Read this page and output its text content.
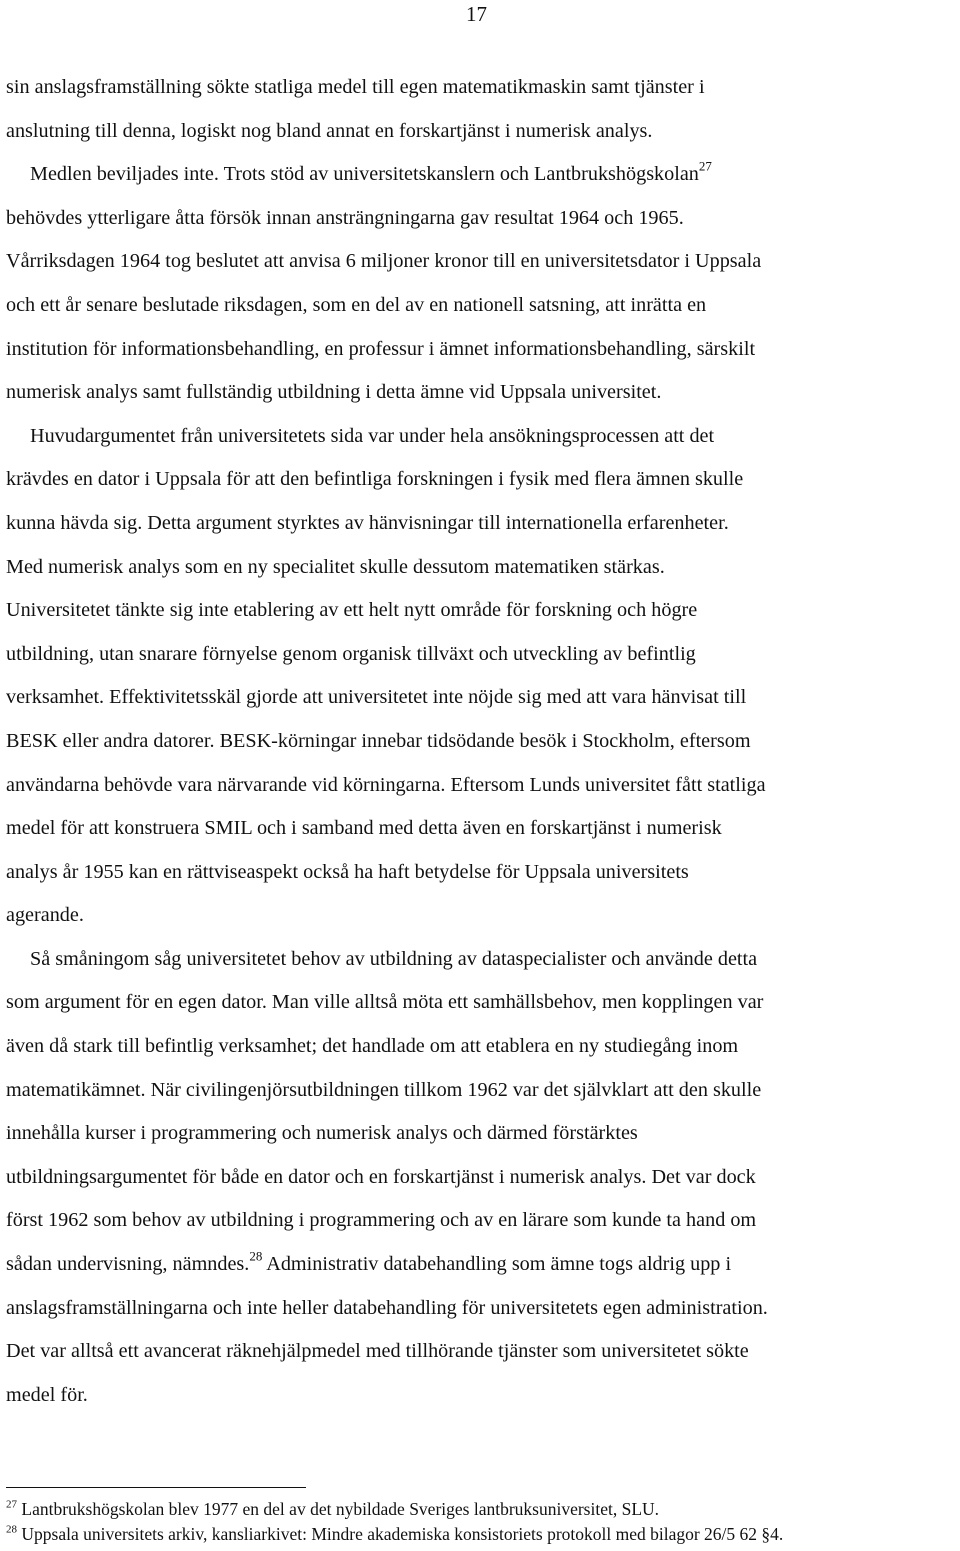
17

sin anslagsframställning sökte statliga medel till egen matematikmaskin samt tjänster i

anslutning till denna, logiskt nog bland annat en forskartjänst i numerisk analys.

Medlen beviljades inte. Trots stöd av universitetskanslern och Lantbrukshögskolan$^{27}$

behövdes ytterligare åtta försök innan ansträngningarna gav resultat 1964 och 1965.

Vårriksdagen 1964 tog beslutet att anvisa 6 miljoner kronor till en universitetsdator i Uppsala

och ett år senare beslutade riksdagen, som en del av en nationell satsning, att inrätta en

institution för informationsbehandling, en professur i ämnet informationsbehandling, särskilt

numerisk analys samt fullständig utbildning i detta ämne vid Uppsala universitet.

Huvudargumentet från universitetets sida var under hela ansökningsprocessen att det

krävdes en dator i Uppsala för att den befintliga forskningen i fysik med flera ämnen skulle

kunna hävda sig. Detta argument styrktes av hänvisningar till internationella erfarenheter.

Med numerisk analys som en ny specialitet skulle dessutom matematiken stärkas.

Universitetet tänkte sig inte etablering av ett helt nytt område för forskning och högre

utbildning, utan snarare förnyelse genom organisk tillväxt och utveckling av befintlig

verksamhet. Effektivitetsskäl gjorde att universitetet inte nöjde sig med att vara hänvisat till

BESK eller andra datorer. BESK-körningar innebar tidsödande besök i Stockholm, eftersom

användarna behövde vara närvarande vid körningarna. Eftersom Lunds universitet fått statliga

medel för att konstruera SMIL och i samband med detta även en forskartjänst i numerisk

analys år 1955 kan en rättviseaspekt också ha haft betydelse för Uppsala universitets

agerande.

Så småningom såg universitetet behov av utbildning av dataspecialister och använde detta

som argument för en egen dator. Man ville alltså möta ett samhällsbehov, men kopplingen var

även då stark till befintlig verksamhet; det handlade om att etablera en ny studiegång inom

matematikämnet. När civilingenjörsutbildningen tillkom 1962 var det självklart att den skulle

innehålla kurser i programmering och numerisk analys och därmed förstärktes

utbildningsargumentet för både en dator och en forskartjänst i numerisk analys. Det var dock

först 1962 som behov av utbildning i programmering och av en lärare som kunde ta hand om

sådan undervisning, nämndes.$^{28}$ Administrativ databehandling som ämne togs aldrig upp i

anslagsframställningarna och inte heller databehandling för universitetets egen administration.

Det var alltså ett avancerat räknehjälpmedel med tillhörande tjänster som universitetet sökte

medel för.

$^{27}$ Lantbrukshögskolan blev 1977 en del av det nybildade Sveriges lantbruksuniversitet, SLU.

$^{28}$ Uppsala universitets arkiv, kansliarkivet: Mindre akademiska konsistoriets protokoll med bilagor 26/5 62 §4.
